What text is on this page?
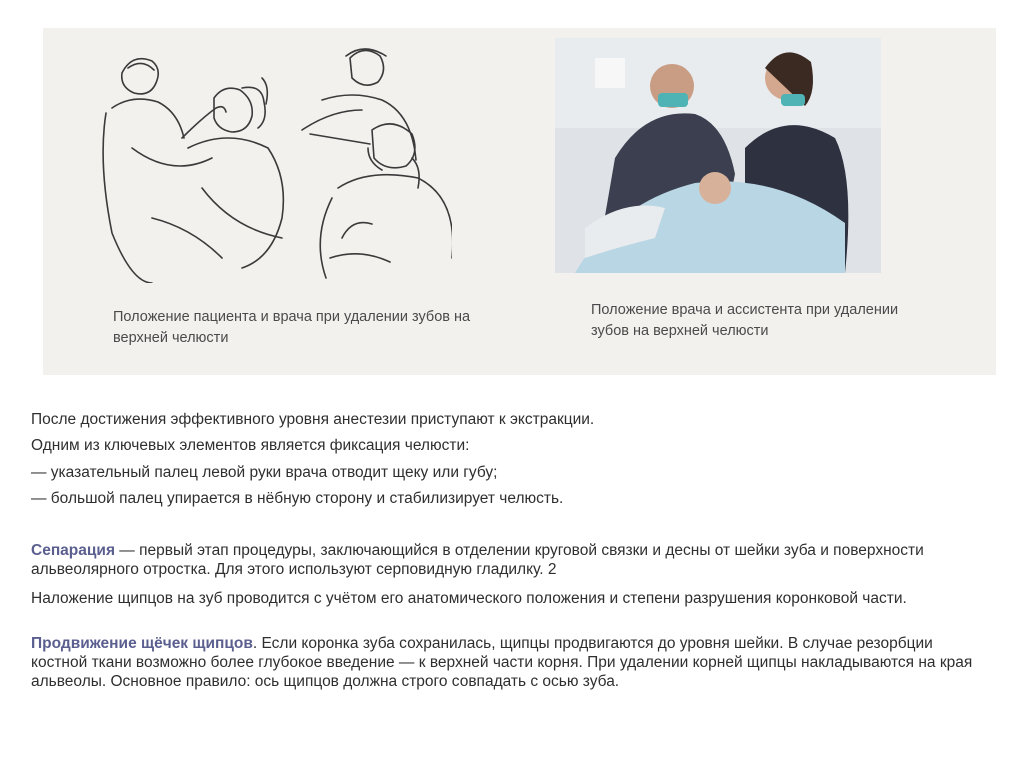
Положение пациента и врача при удалении зубов на верхней челюсти
Положение врача и ассистента при удалении зубов на верхней челюсти
После достижения эффективного уровня анестезии приступают к экстракции.
Одним из ключевых элементов является фиксация челюсти:
— указательный палец левой руки врача отводит щеку или губу;
— большой палец упирается в нёбную сторону и стабилизирует челюсть.
Сепарация — первый этап процедуры, заключающийся в отделении круговой связки и десны от шейки зуба и поверхности альвеолярного отростка. Для этого используют серповидную гладилку. 2
Наложение щипцов на зуб проводится с учётом его анатомического положения и степени разрушения коронковой части.
Продвижение щёчек щипцов. Если коронка зуба сохранилась, щипцы продвигаются до уровня шейки. В случае резорбции костной ткани возможно более глубокое введение — к верхней части корня. При удалении корней щипцы накладываются на края альвеолы. Основное правило: ось щипцов должна строго совпадать с осью зуба.
